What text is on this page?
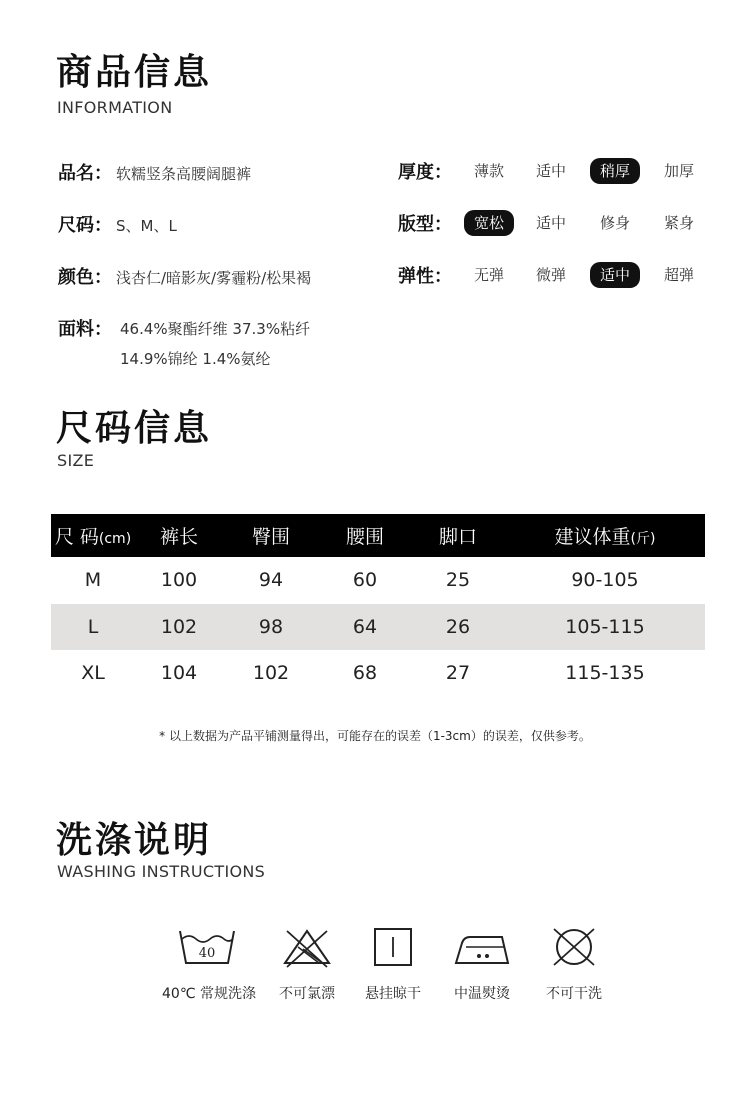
商品信息
INFORMATION
品名： 软糯竖条高腰阔腿裤
尺码： S、M、L
颜色： 浅杏仁/暗影灰/雾霾粉/松果褐
面料： 46.4%聚酯纤维 37.3%粘纤
14.9%锦纶 1.4%氨纶
厚度：	薄款	适中	稍厚	加厚
版型：	宽松	适中	修身	紧身
弹性：	无弹	微弹	适中	超弹
尺码信息
SIZE
尺 码(cm)	裤长	臀围	腰围	脚口	建议体重(斤)
M	100	94	60	25	90-105
L	102	98	64	26	105-115
XL	104	102	68	27	115-135
* 以上数据为产品平铺测量得出，可能存在的误差（1-3cm）的误差，仅供参考。
洗涤说明
WASHING INSTRUCTIONS
40
40℃ 常规洗涤	不可氯漂	悬挂晾干	中温熨烫	不可干洗
